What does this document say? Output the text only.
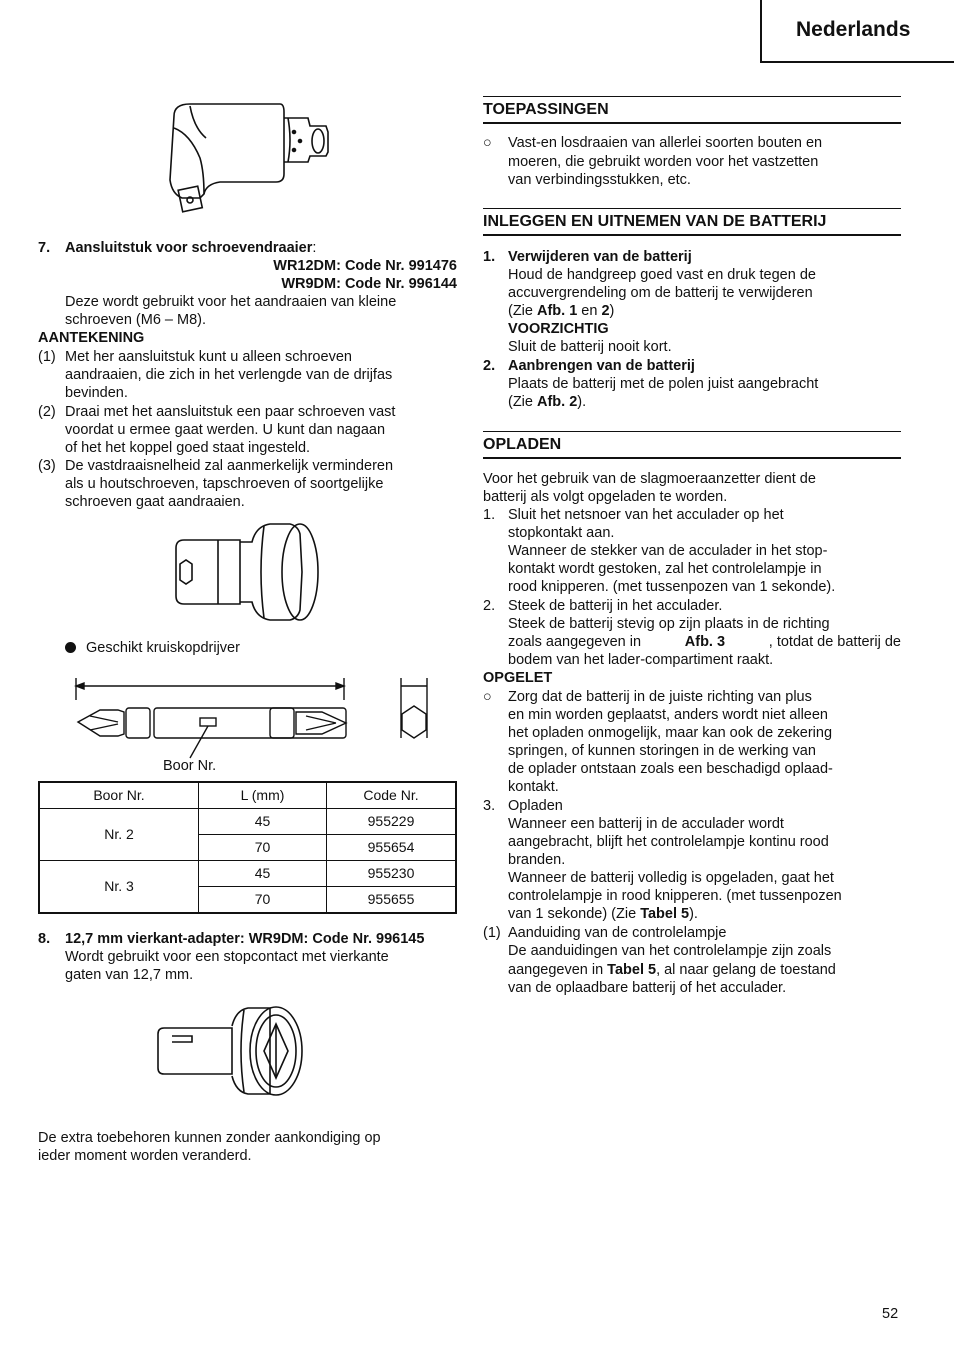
Nederlands
7. Aansluitstuk voor schroevendraaier:
WR12DM: Code Nr. 991476
WR9DM: Code Nr. 996144
Deze wordt gebruikt voor het aandraaien van kleine
schroeven (M6 – M8).
AANTEKENING
(1) Met her aansluitstuk kunt u alleen schroeven
aandraaien, die zich in het verlengde van de drijfas
bevinden.
(2) Draai met het aansluitstuk een paar schroeven vast
voordat u ermee gaat werden. U kunt dan nagaan
of het het koppel goed staat ingesteld.
(3) De vastdraaisnelheid zal aanmerkelijk verminderen
als u houtschroeven, tapschroeven of soortgelijke
schroeven gaat aandraaien.
Geschikt kruiskopdrijver
Boor Nr.
Boor Nr.	L (mm)	Code Nr.
Nr. 2	45	955229
	70	955654
Nr. 3	45	955230
	70	955655
8. 12,7 mm vierkant-adapter: WR9DM: Code Nr. 996145
Wordt gebruikt voor een stopcontact met vierkante
gaten van 12,7 mm.
De extra toebehoren kunnen zonder aankondiging op
ieder moment worden veranderd.
TOEPASSINGEN
○ Vast-en losdraaien van allerlei soorten bouten en
moeren, die gebruikt worden voor het vastzetten
van verbindingsstukken, etc.
INLEGGEN EN UITNEMEN VAN DE BATTERIJ
1. Verwijderen van de batterij
Houd de handgreep goed vast en druk tegen de
accuvergrendeling om de batterij te verwijderen
(Zie Afb. 1 en 2)
VOORZICHTIG
Sluit de batterij nooit kort.
2. Aanbrengen van de batterij
Plaats de batterij met de polen juist aangebracht
(Zie Afb. 2).
OPLADEN
Voor het gebruik van de slagmoeraanzetter dient de
batterij als volgt opgeladen te worden.
1. Sluit het netsnoer van het acculader op het
stopkontakt aan.
Wanneer de stekker van de acculader in het stop-
kontakt wordt gestoken, zal het controlelampje in
rood knipperen. (met tussenpozen van 1 sekonde).
2. Steek de batterij in het acculader.
Steek de batterij stevig op zijn plaats in de richting
zoals aangegeven in	Afb. 3	, totdat de batterij de
bodem van het lader-compartiment raakt.
OPGELET
○ Zorg dat de batterij in de juiste richting van plus
en min worden geplaatst, anders wordt niet alleen
het opladen onmogelijk, maar kan ook de zekering
springen, of kunnen storingen in de werking van
de oplader ontstaan zoals een beschadigd oplaad-
kontakt.
3. Opladen
Wanneer een batterij in de acculader wordt
aangebracht, blijft het controlelampje kontinu rood
branden.
Wanneer de batterij volledig is opgeladen, gaat het
controlelampje in rood knipperen. (met tussenpozen
van 1 sekonde) (Zie Tabel 5).
(1) Aanduiding van de controlelampje
De aanduidingen van het controlelampje zijn zoals
aangegeven in Tabel 5 , al naar gelang de toestand
van de oplaadbare batterij of het acculader.
52
